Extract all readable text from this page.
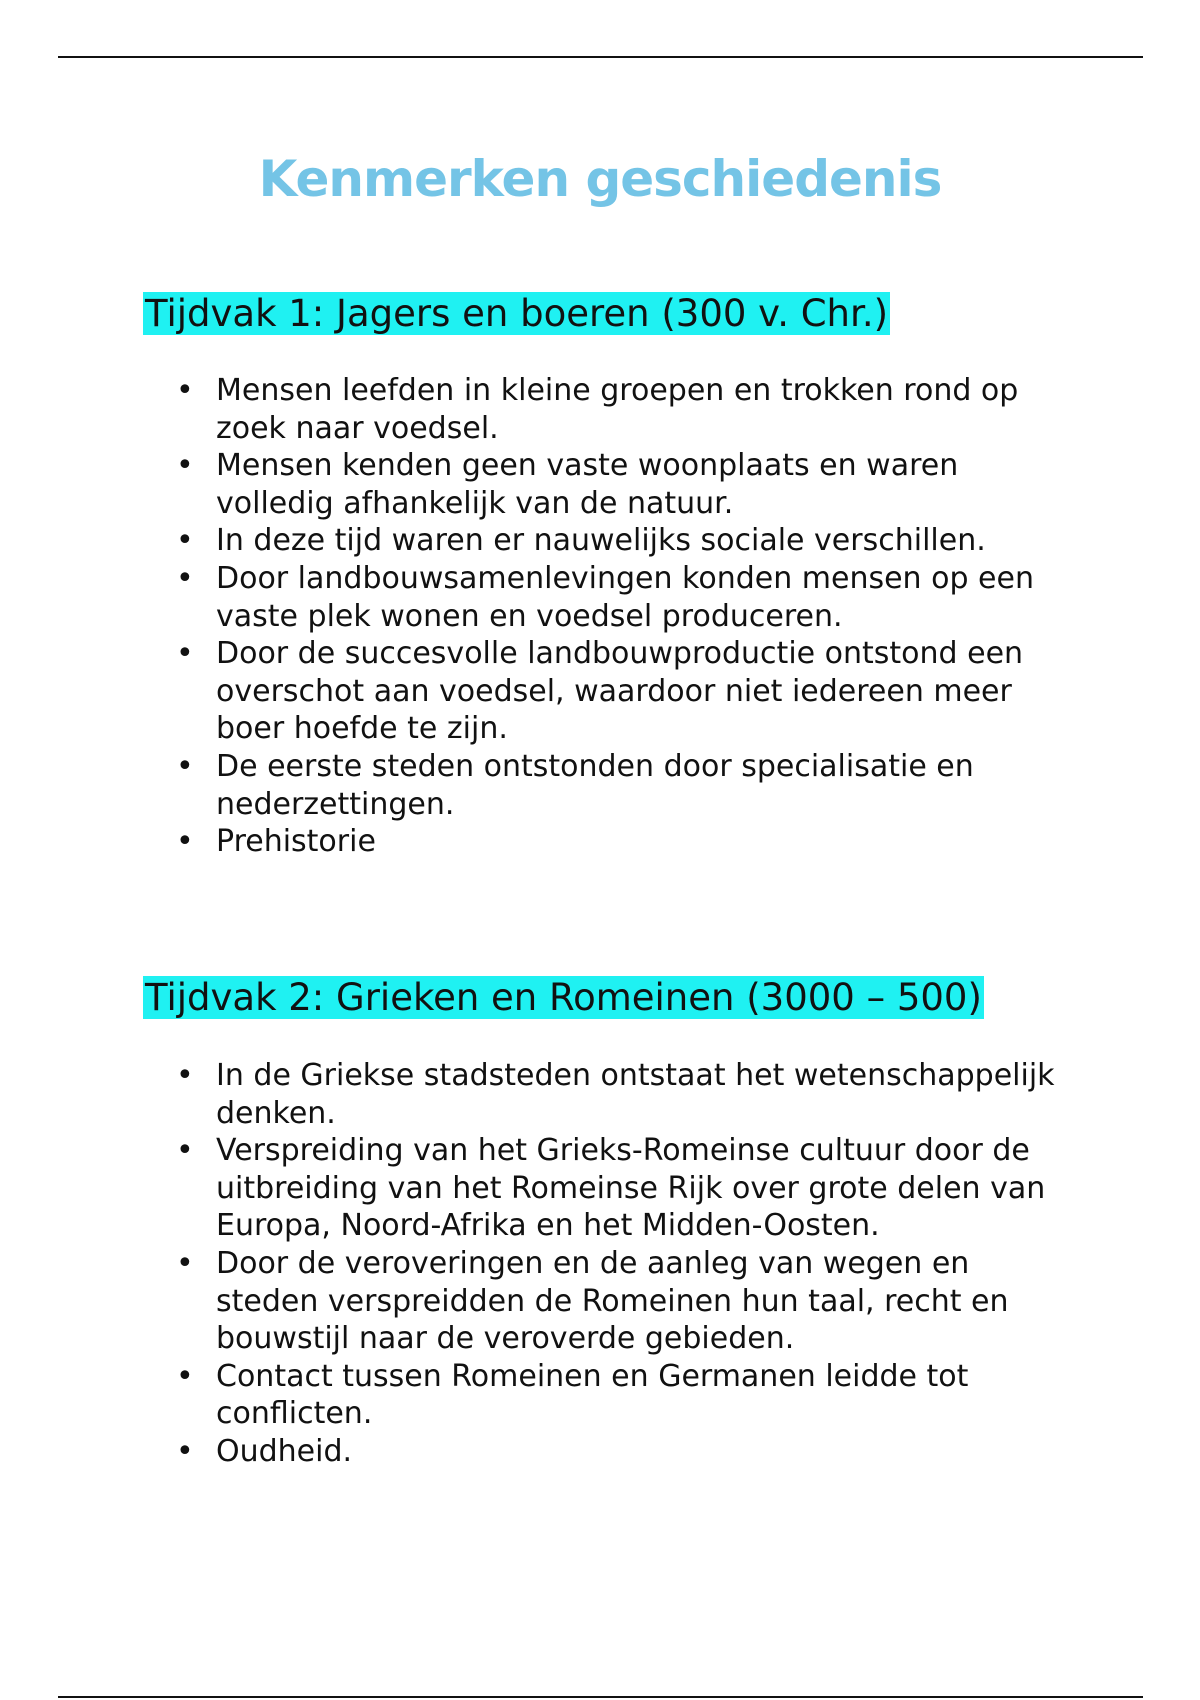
Kenmerken geschiedenis
Tijdvak 1: Jagers en boeren (300 v. Chr.)
• Mensen leefden in kleine groepen en trokken rond op zoek naar voedsel.
• Mensen kenden geen vaste woonplaats en waren volledig afhankelijk van de natuur.
• In deze tijd waren er nauwelijks sociale verschillen.
• Door landbouwsamenlevingen konden mensen op een vaste plek wonen en voedsel produceren.
• Door de succesvolle landbouwproductie ontstond een overschot aan voedsel, waardoor niet iedereen meer boer hoefde te zijn.
• De eerste steden ontstonden door specialisatie en nederzettingen.
• Prehistorie
Tijdvak 2: Grieken en Romeinen (3000 – 500)
• In de Griekse stadsteden ontstaat het wetenschappelijk denken.
• Verspreiding van het Grieks-Romeinse cultuur door de uitbreiding van het Romeinse Rijk over grote delen van Europa, Noord-Afrika en het Midden-Oosten.
• Door de veroveringen en de aanleg van wegen en steden verspreidden de Romeinen hun taal, recht en bouwstijl naar de veroverde gebieden.
• Contact tussen Romeinen en Germanen leidde tot conflicten.
• Oudheid.
